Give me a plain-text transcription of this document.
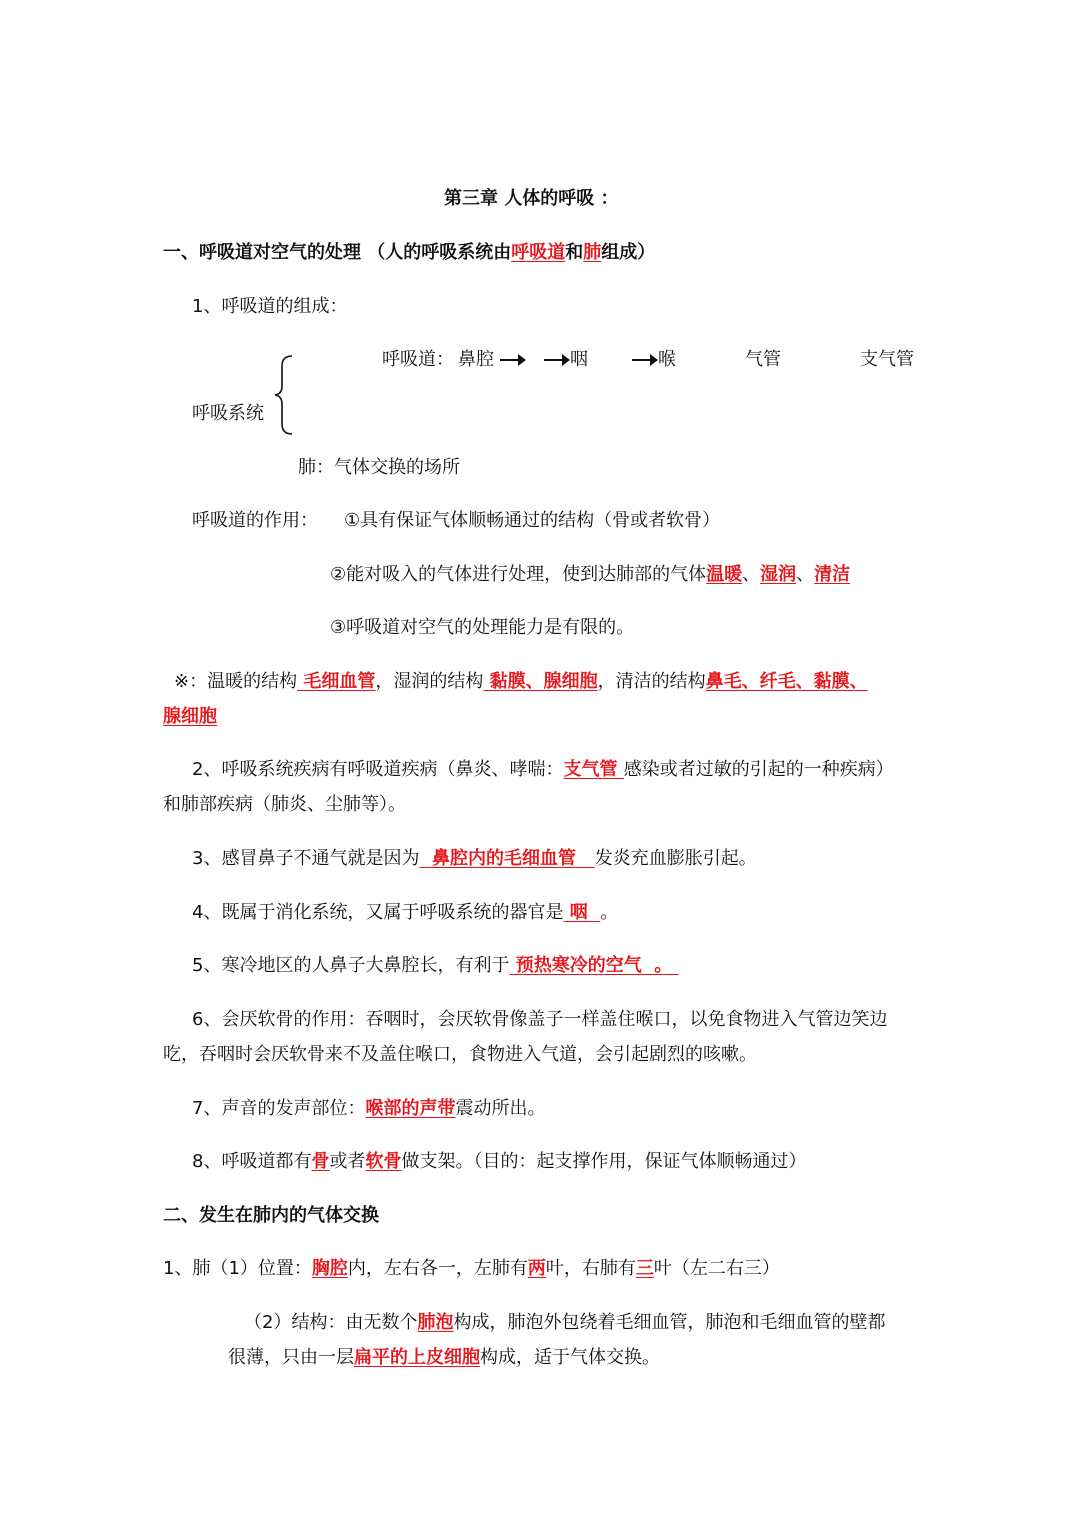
第三章 人体的呼吸 ：
一、呼吸道对空气的处理 （人的呼吸系统由呼吸道和肺组成）
1、呼吸道的组成：
呼吸道： 鼻腔	咽	喉	气管	支气管
呼吸系统
肺：气体交换的场所
呼吸道的作用： ①具有保证气体顺畅通过的结构（骨或者软骨）
②能对吸入的气体进行处理，使到达肺部的气体温暖、湿润、清洁
③呼吸道对空气的处理能力是有限的。
※：温暖的结构 毛细血管，湿润的结构 黏膜、腺细胞，清洁的结构鼻毛、纤毛、黏膜、
腺细胞
2、呼吸系统疾病有呼吸道疾病（鼻炎、哮喘：支气管 感染或者过敏的引起的一种疾病）
和肺部疾病（肺炎、尘肺等）。
3、感冒鼻子不通气就是因为  鼻腔内的毛细血管   发炎充血膨胀引起。
4、既属于消化系统，又属于呼吸系统的器官是 咽  。
5、寒冷地区的人鼻子大鼻腔长，有利于 预热寒冷的空气  。
6、会厌软骨的作用：吞咽时，会厌软骨像盖子一样盖住喉口，以免食物进入气管边笑边
吃，吞咽时会厌软骨来不及盖住喉口，食物进入气道，会引起剧烈的咳嗽。
7、声音的发声部位：喉部的声带震动所出。
8、呼吸道都有骨或者软骨做支架。（目的：起支撑作用，保证气体顺畅通过）
二、发生在肺内的气体交换
1、肺（1）位置：胸腔内，左右各一，左肺有两叶，右肺有三叶（左二右三）
（2）结构：由无数个肺泡构成，肺泡外包绕着毛细血管，肺泡和毛细血管的壁都
很薄，只由一层扁平的上皮细胞构成，适于气体交换。
